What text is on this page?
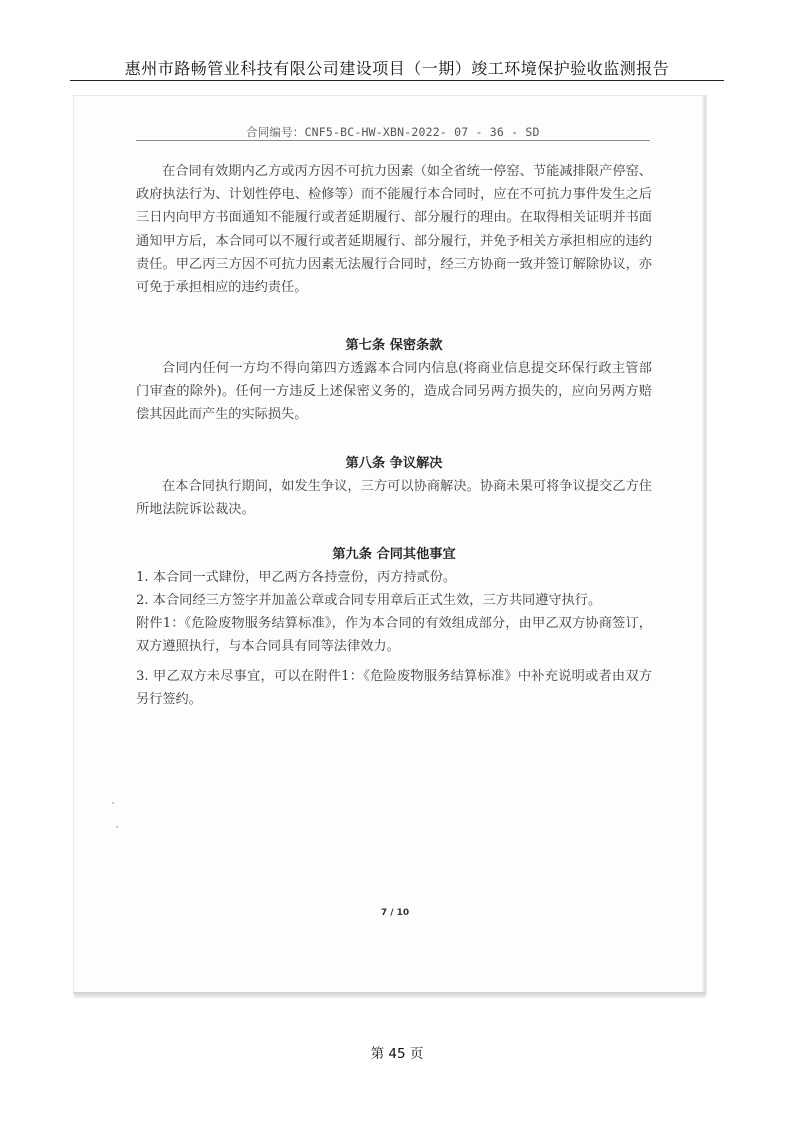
惠州市路畅管业科技有限公司建设项目（一期）竣工环境保护验收监测报告
合同编号：CNF5-BC-HW-XBN-2022- 07 - 36 - SD

在合同有效期内乙方或丙方因不可抗力因素（如全省统一停窑、节能减排限产停窑、政府执法行为、计划性停电、检修等）而不能履行本合同时，应在不可抗力事件发生之后三日内向甲方书面通知不能履行或者延期履行、部分履行的理由。在取得相关证明并书面通知甲方后，本合同可以不履行或者延期履行、部分履行，并免予相关方承担相应的违约责任。甲乙丙三方因不可抗力因素无法履行合同时，经三方协商一致并签订解除协议，亦可免于承担相应的违约责任。

第七条 保密条款

合同内任何一方均不得向第四方透露本合同内信息(将商业信息提交环保行政主管部门审查的除外)。任何一方违反上述保密义务的，造成合同另两方损失的，应向另两方赔偿其因此而产生的实际损失。

第八条 争议解决

在本合同执行期间，如发生争议，三方可以协商解决。协商未果可将争议提交乙方住所地法院诉讼裁决。

第九条 合同其他事宜

1. 本合同一式肆份，甲乙两方各持壹份，丙方持贰份。

2. 本合同经三方签字并加盖公章或合同专用章后正式生效，三方共同遵守执行。

附件1：《危险废物服务结算标准》，作为本合同的有效组成部分，由甲乙双方协商签订，双方遵照执行，与本合同具有同等法律效力。

3. 甲乙双方未尽事宜，可以在附件1：《危险废物服务结算标准》中补充说明或者由双方另行签约。

7 / 10
第 45 页
